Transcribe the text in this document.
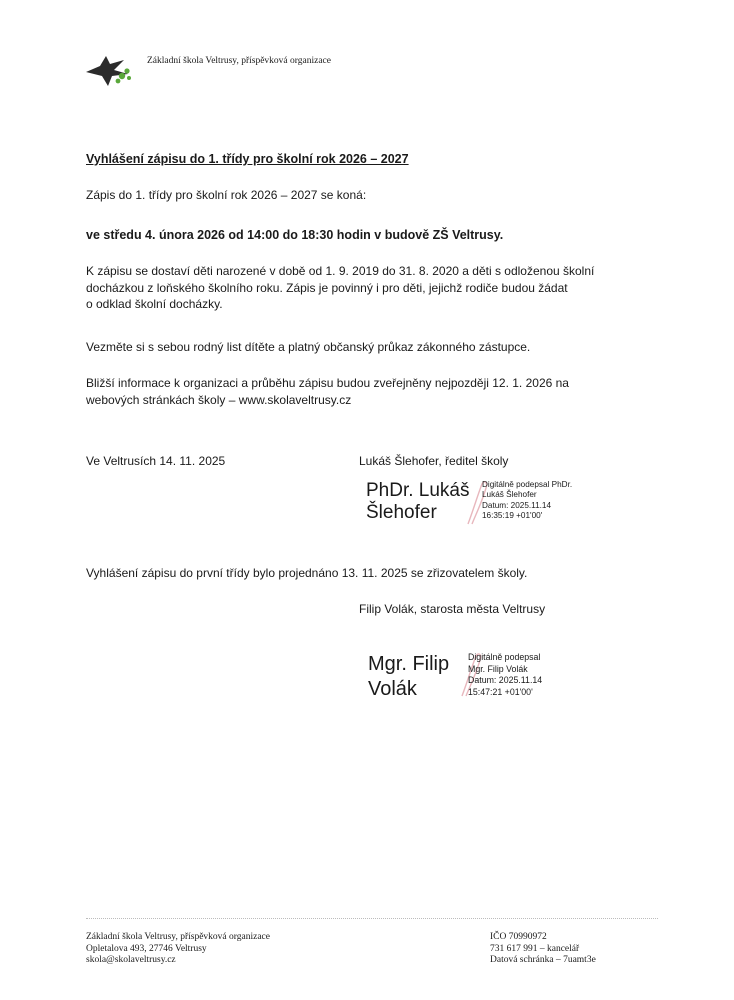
Základní škola Veltrusy, příspěvková organizace
Vyhlášení zápisu do 1. třídy pro školní rok 2026 – 2027
Zápis do 1. třídy pro školní rok 2026 – 2027 se koná:
ve středu 4. února 2026 od 14:00 do 18:30 hodin v budově ZŠ Veltrusy.
K zápisu se dostaví děti narozené v době od 1. 9. 2019 do 31. 8. 2020 a děti s odloženou školní
docházkou z loňského školního roku. Zápis je povinný i pro děti, jejichž rodiče budou žádat
o odklad školní docházky.
Vezměte si s sebou rodný list dítěte a platný občanský průkaz zákonného zástupce.
Bližší informace k organizaci a průběhu zápisu budou zveřejněny nejpozději 12. 1. 2026 na
webových stránkách školy – www.skolaveltrusy.cz
Ve Veltrusích 14. 11. 2025	Lukáš Šlehofer, ředitel školy
PhDr. Lukáš
Šlehofer
Digitálně podepsal PhDr.
Lukáš Šlehofer
Datum: 2025.11.14
16:35:19 +01'00'
Vyhlášení zápisu do první třídy bylo projednáno 13. 11. 2025 se zřizovatelem školy.
Filip Volák, starosta města Veltrusy
Mgr. Filip
Volák
Digitálně podepsal
Mgr. Filip Volák
Datum: 2025.11.14
15:47:21 +01'00'
Základní škola Veltrusy, příspěvková organizace
Opletalova 493, 27746 Veltrusy
skola@skolaveltrusy.cz
IČO 70990972
731 617 991 – kancelář
Datová schránka – 7uamt3e
